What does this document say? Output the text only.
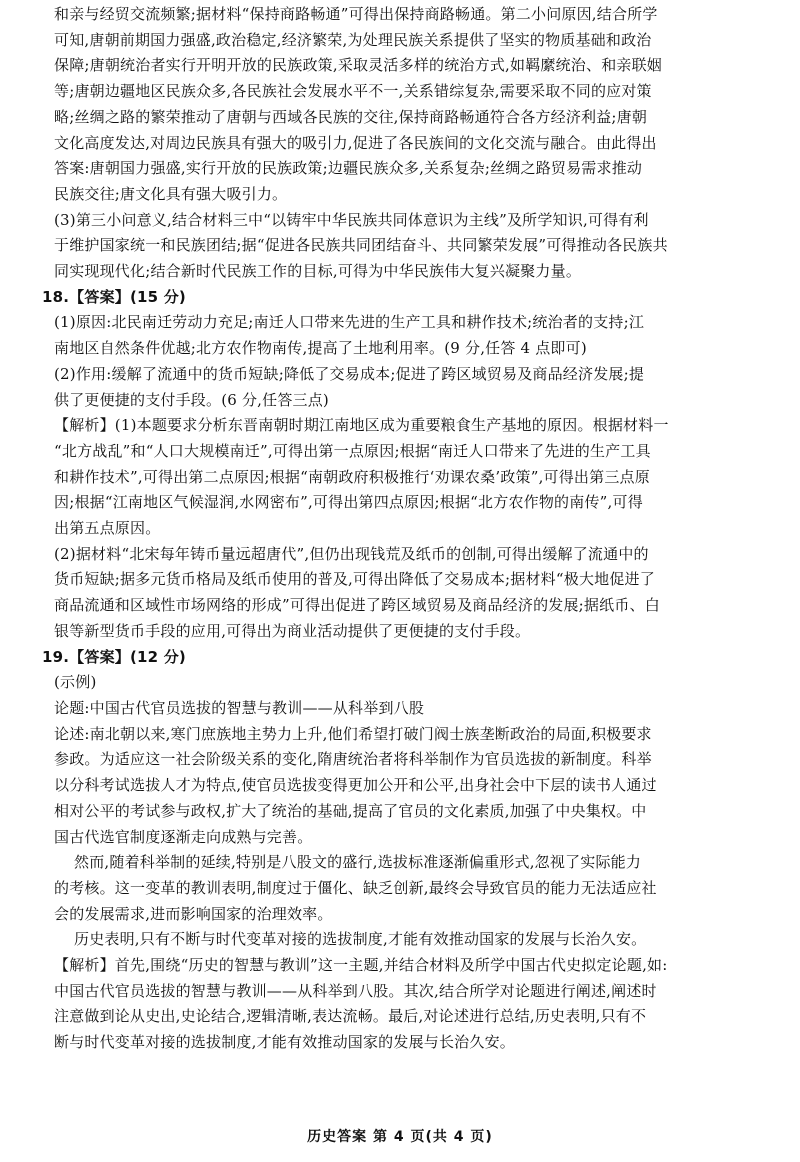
和亲与经贸交流频繁;据材料“保持商路畅通”可得出保持商路畅通。第二小问原因,结合所学
可知,唐朝前期国力强盛,政治稳定,经济繁荣,为处理民族关系提供了坚实的物质基础和政治
保障;唐朝统治者实行开明开放的民族政策,采取灵活多样的统治方式,如羁縻统治、和亲联姻
等;唐朝边疆地区民族众多,各民族社会发展水平不一,关系错综复杂,需要采取不同的应对策
略;丝绸之路的繁荣推动了唐朝与西域各民族的交往,保持商路畅通符合各方经济利益;唐朝
文化高度发达,对周边民族具有强大的吸引力,促进了各民族间的文化交流与融合。由此得出
答案:唐朝国力强盛,实行开放的民族政策;边疆民族众多,关系复杂;丝绸之路贸易需求推动
民族交往;唐文化具有强大吸引力。
(3)第三小问意义,结合材料三中“以铸牢中华民族共同体意识为主线”及所学知识,可得有利
于维护国家统一和民族团结;据“促进各民族共同团结奋斗、共同繁荣发展”可得推动各民族共
同实现现代化;结合新时代民族工作的目标,可得为中华民族伟大复兴凝聚力量。
18.【答案】(15 分)
(1)原因:北民南迁劳动力充足;南迁人口带来先进的生产工具和耕作技术;统治者的支持;江
南地区自然条件优越;北方农作物南传,提高了土地利用率。(9 分,任答 4 点即可)
(2)作用:缓解了流通中的货币短缺;降低了交易成本;促进了跨区域贸易及商品经济发展;提
供了更便捷的支付手段。(6 分,任答三点)
【解析】(1)本题要求分析东晋南朝时期江南地区成为重要粮食生产基地的原因。根据材料一
“北方战乱”和“人口大规模南迁”,可得出第一点原因;根据“南迁人口带来了先进的生产工具
和耕作技术”,可得出第二点原因;根据“南朝政府积极推行‘劝课农桑’政策”,可得出第三点原
因;根据“江南地区气候湿润,水网密布”,可得出第四点原因;根据“北方农作物的南传”,可得
出第五点原因。
(2)据材料“北宋每年铸币量远超唐代”,但仍出现钱荒及纸币的创制,可得出缓解了流通中的
货币短缺;据多元货币格局及纸币使用的普及,可得出降低了交易成本;据材料“极大地促进了
商品流通和区域性市场网络的形成”可得出促进了跨区域贸易及商品经济的发展;据纸币、白
银等新型货币手段的应用,可得出为商业活动提供了更便捷的支付手段。
19.【答案】(12 分)
(示例)
论题:中国古代官员选拔的智慧与教训——从科举到八股
论述:南北朝以来,寒门庶族地主势力上升,他们希望打破门阀士族垄断政治的局面,积极要求
参政。为适应这一社会阶级关系的变化,隋唐统治者将科举制作为官员选拔的新制度。科举
以分科考试选拔人才为特点,使官员选拔变得更加公开和公平,出身社会中下层的读书人通过
相对公平的考试参与政权,扩大了统治的基础,提高了官员的文化素质,加强了中央集权。中
国古代选官制度逐渐走向成熟与完善。
然而,随着科举制的延续,特别是八股文的盛行,选拔标准逐渐偏重形式,忽视了实际能力
的考核。这一变革的教训表明,制度过于僵化、缺乏创新,最终会导致官员的能力无法适应社
会的发展需求,进而影响国家的治理效率。
历史表明,只有不断与时代变革对接的选拔制度,才能有效推动国家的发展与长治久安。
【解析】首先,围绕“历史的智慧与教训”这一主题,并结合材料及所学中国古代史拟定论题,如:
中国古代官员选拔的智慧与教训——从科举到八股。其次,结合所学对论题进行阐述,阐述时
注意做到论从史出,史论结合,逻辑清晰,表达流畅。最后,对论述进行总结,历史表明,只有不
断与时代变革对接的选拔制度,才能有效推动国家的发展与长治久安。
历史答案 第 4 页(共 4 页)
